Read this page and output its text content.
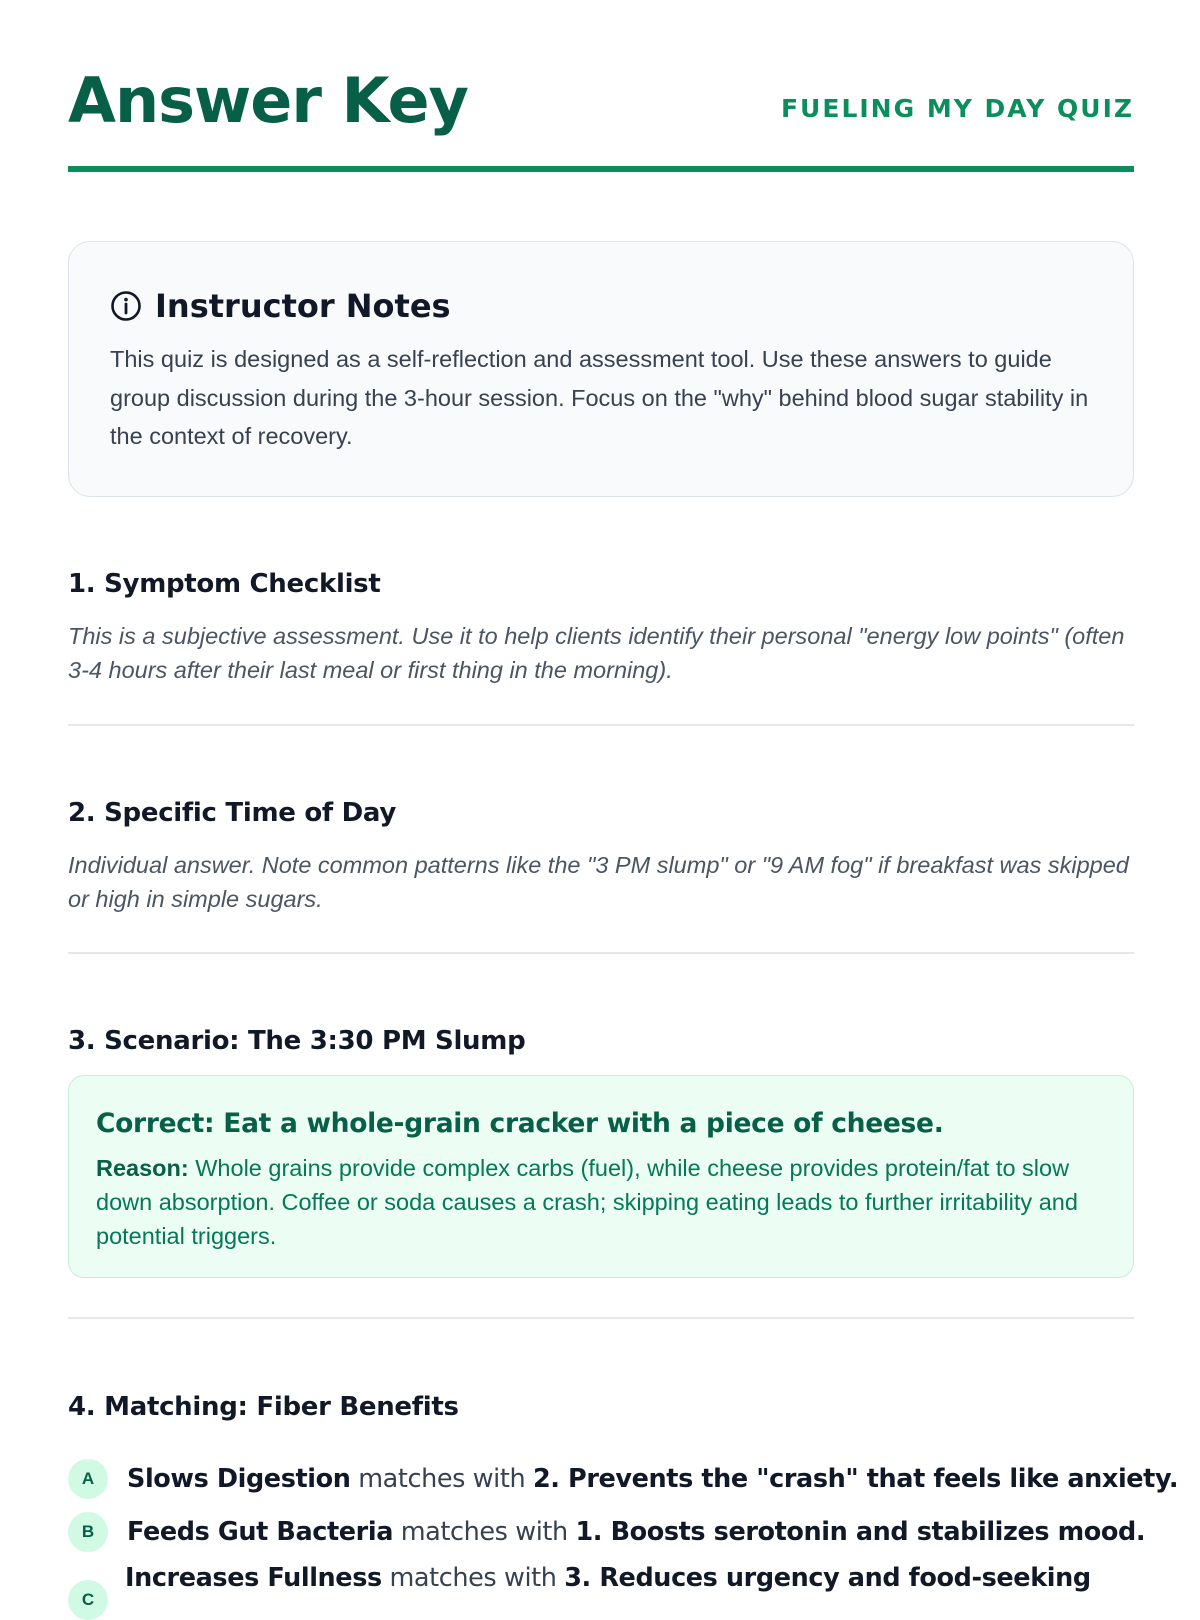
Answer Key	FUELING MY DAY QUIZ
Instructor Notes
This quiz is designed as a self-reflection and assessment tool. Use these answers to guide group discussion during the 3-hour session. Focus on the "why" behind blood sugar stability in the context of recovery.
1. Symptom Checklist
This is a subjective assessment. Use it to help clients identify their personal "energy low points" (often 3-4 hours after their last meal or first thing in the morning).
2. Specific Time of Day
Individual answer. Note common patterns like the "3 PM slump" or "9 AM fog" if breakfast was skipped or high in simple sugars.
3. Scenario: The 3:30 PM Slump
Correct: Eat a whole-grain cracker with a piece of cheese.
Reason: Whole grains provide complex carbs (fuel), while cheese provides protein/fat to slow down absorption. Coffee or soda causes a crash; skipping eating leads to further irritability and potential triggers.
4. Matching: Fiber Benefits
A	Slows Digestion matches with 2. Prevents the "crash" that feels like anxiety.
B	Feeds Gut Bacteria matches with 1. Boosts serotonin and stabilizes mood.
C
Increases Fullness matches with 3. Reduces urgency and food-seeking
